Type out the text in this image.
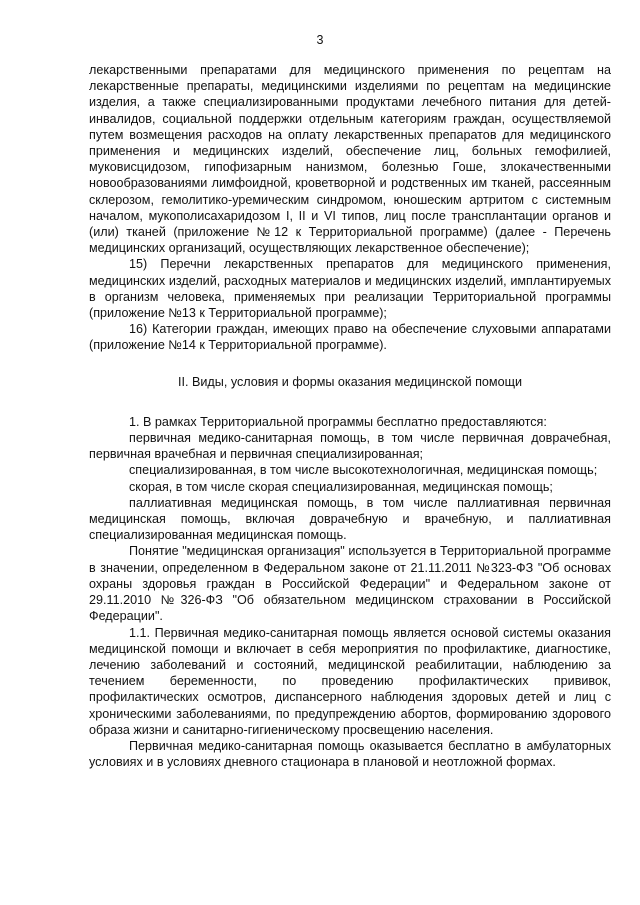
3

лекарственными препаратами для медицинского применения по рецептам на лекарственные препараты, медицинскими изделиями по рецептам на медицинские изделия, а также специализированными продуктами лечебного питания для детей-инвалидов, социальной поддержки отдельным категориям граждан, осуществляемой путем возмещения расходов на оплату лекарственных препаратов для медицинского применения и медицинских изделий, обеспечение лиц, больных гемофилией, муковисцидозом, гипофизарным нанизмом, болезнью Гоше, злокачественными новообразованиями лимфоидной, кроветворной и родственных им тканей, рассеянным склерозом, гемолитико-уремическим синдромом, юношеским артритом с системным началом, мукополисахаридозом I, II и VI типов, лиц после трансплантации органов и (или) тканей (приложение №12 к Территориальной программе) (далее - Перечень медицинских организаций, осуществляющих лекарственное обеспечение);

15) Перечни лекарственных препаратов для медицинского применения, медицинских изделий, расходных материалов и медицинских изделий, имплантируемых в организм человека, применяемых при реализации Территориальной программы (приложение №13 к Территориальной программе);

16) Категории граждан, имеющих право на обеспечение слуховыми аппаратами (приложение №14 к Территориальной программе).

II. Виды, условия и формы оказания медицинской помощи

1. В рамках Территориальной программы бесплатно предоставляются:

первичная медико-санитарная помощь, в том числе первичная доврачебная, первичная врачебная и первичная специализированная;

специализированная, в том числе высокотехнологичная, медицинская помощь;

скорая, в том числе скорая специализированная, медицинская помощь;

паллиативная медицинская помощь, в том числе паллиативная первичная медицинская помощь, включая доврачебную и врачебную, и паллиативная специализированная медицинская помощь.

Понятие "медицинская организация" используется в Территориальной программе в значении, определенном в Федеральном законе от 21.11.2011 №323-ФЗ "Об основах охраны здоровья граждан в Российской Федерации" и Федеральном законе от 29.11.2010 №326-ФЗ "Об обязательном медицинском страховании в Российской Федерации".

1.1. Первичная медико-санитарная помощь является основой системы оказания медицинской помощи и включает в себя мероприятия по профилактике, диагностике, лечению заболеваний и состояний, медицинской реабилитации, наблюдению за течением беременности, по проведению профилактических прививок, профилактических осмотров, диспансерного наблюдения здоровых детей и лиц с хроническими заболеваниями, по предупреждению абортов, формированию здорового образа жизни и санитарно-гигиеническому просвещению населения.

Первичная медико-санитарная помощь оказывается бесплатно в амбулаторных условиях и в условиях дневного стационара в плановой и неотложной формах.
